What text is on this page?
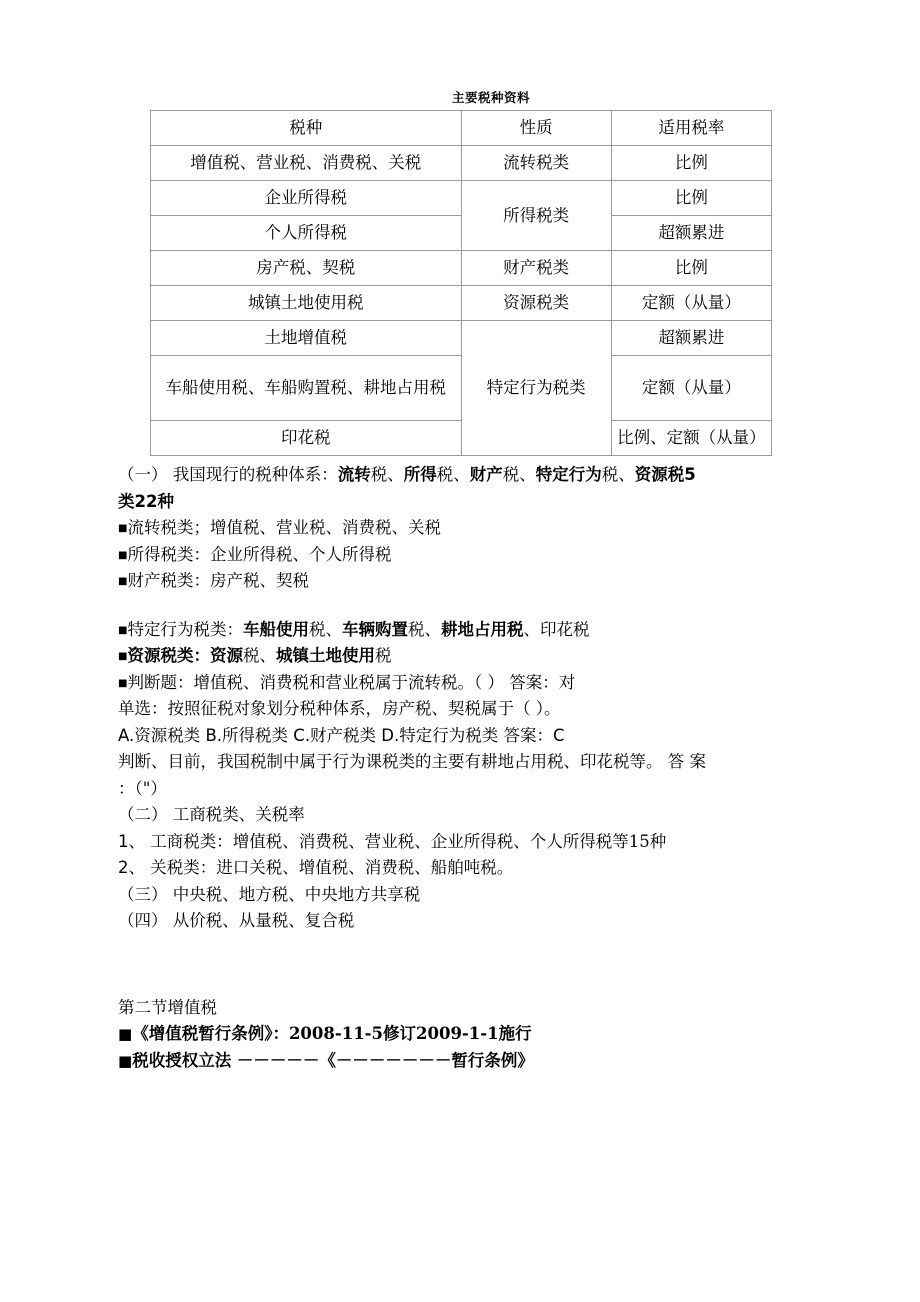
主要税种资料
税种	性质	适用税率
增值税、营业税、消费税、关税	流转税类	比例
企业所得税	所得税类	比例
个人所得税		超额累进
房产税、契税	财产税类	比例
城镇土地使用税	资源税类	定额（从量）
土地增值税	特定行为税类	超额累进
车船使用税、车船购置税、耕地占用税		定额（从量）
印花税		比例、定额（从量）
（一） 我国现行的税种体系：流转税、所得税、财产税、特定行为税、资源税5
类22种
■流转税类；增值税、营业税、消费税、关税
■所得税类：企业所得税、个人所得税
■财产税类：房产税、契税
■特定行为税类：车船使用税、车辆购置税、耕地占用税、印花税
■资源税类：资源税、城镇土地使用税
■判断题：增值税、消费税和营业税属于流转税。（ ） 答案：对
单选：按照征税对象划分税种体系，房产税、契税属于（ ）。
A.资源税类 B.所得税类 C.财产税类 D.特定行为税类 答案：C
判断、目前，我国税制中属于行为课税类的主要有耕地占用税、印花税等。 答 案
：（"）
（二） 工商税类、关税率
1、 工商税类：增值税、消费税、营业税、企业所得税、个人所得税等15种
2、 关税类：进口关税、增值税、消费税、船舶吨税。
（三） 中央税、地方税、中央地方共享税
（四） 从价税、从量税、复合税
第二节增值税
■《增值税暂行条例》：2008-11-5修订2009-1-1施行
■税收授权立法 －－－－－《－－－－－－－暂行条例》
